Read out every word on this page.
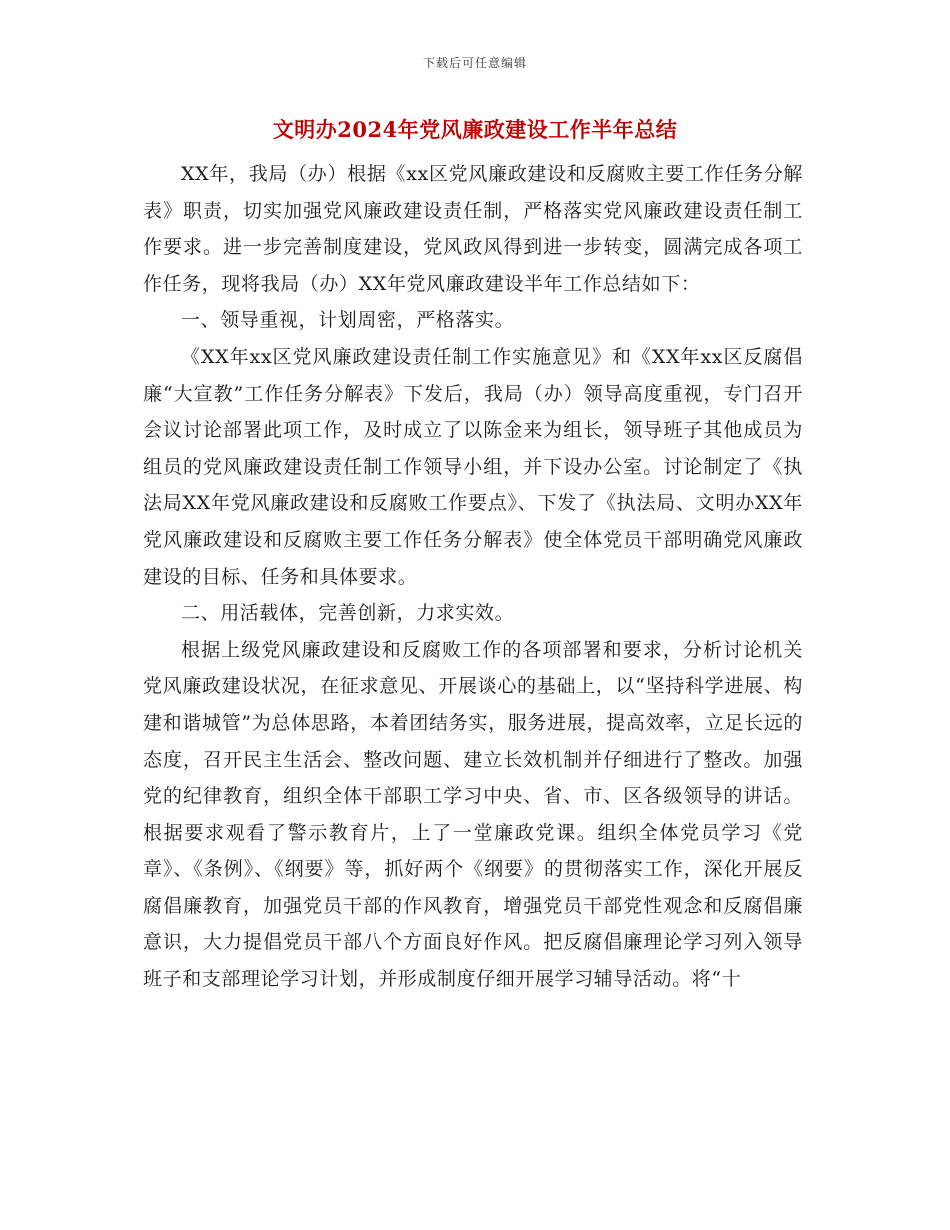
下载后可任意编辑
文明办2024年党风廉政建设工作半年总结

XX年，我局（办）根据《xx区党风廉政建设和反腐败主要工作任务分解表》职责，切实加强党风廉政建设责任制，严格落实党风廉政建设责任制工作要求。进一步完善制度建设，党风政风得到进一步转变，圆满完成各项工作任务，现将我局（办）XX年党风廉政建设半年工作总结如下：

一、领导重视，计划周密，严格落实。

《XX年xx区党风廉政建设责任制工作实施意见》和《XX年xx区反腐倡廉“大宣教”工作任务分解表》下发后，我局（办）领导高度重视，专门召开会议讨论部署此项工作，及时成立了以陈金来为组长，领导班子其他成员为组员的党风廉政建设责任制工作领导小组，并下设办公室。讨论制定了《执法局XX年党风廉政建设和反腐败工作要点》、下发了《执法局、文明办XX年党风廉政建设和反腐败主要工作任务分解表》使全体党员干部明确党风廉政建设的目标、任务和具体要求。

二、用活载体，完善创新，力求实效。

根据上级党风廉政建设和反腐败工作的各项部署和要求，分析讨论机关党风廉政建设状况，在征求意见、开展谈心的基础上，以“坚持科学进展、构建和谐城管”为总体思路，本着团结务实，服务进展，提高效率，立足长远的态度，召开民主生活会、整改问题、建立长效机制并仔细进行了整改。加强党的纪律教育，组织全体干部职工学习中央、省、市、区各级领导的讲话。根据要求观看了警示教育片，上了一堂廉政党课。组织全体党员学习《党章》、《条例》、《纲要》等，抓好两个《纲要》的贯彻落实工作，深化开展反腐倡廉教育，加强党员干部的作风教育，增强党员干部党性观念和反腐倡廉意识，大力提倡党员干部八个方面良好作风。把反腐倡廉理论学习列入领导班子和支部理论学习计划，并形成制度仔细开展学习辅导活动。将“十
